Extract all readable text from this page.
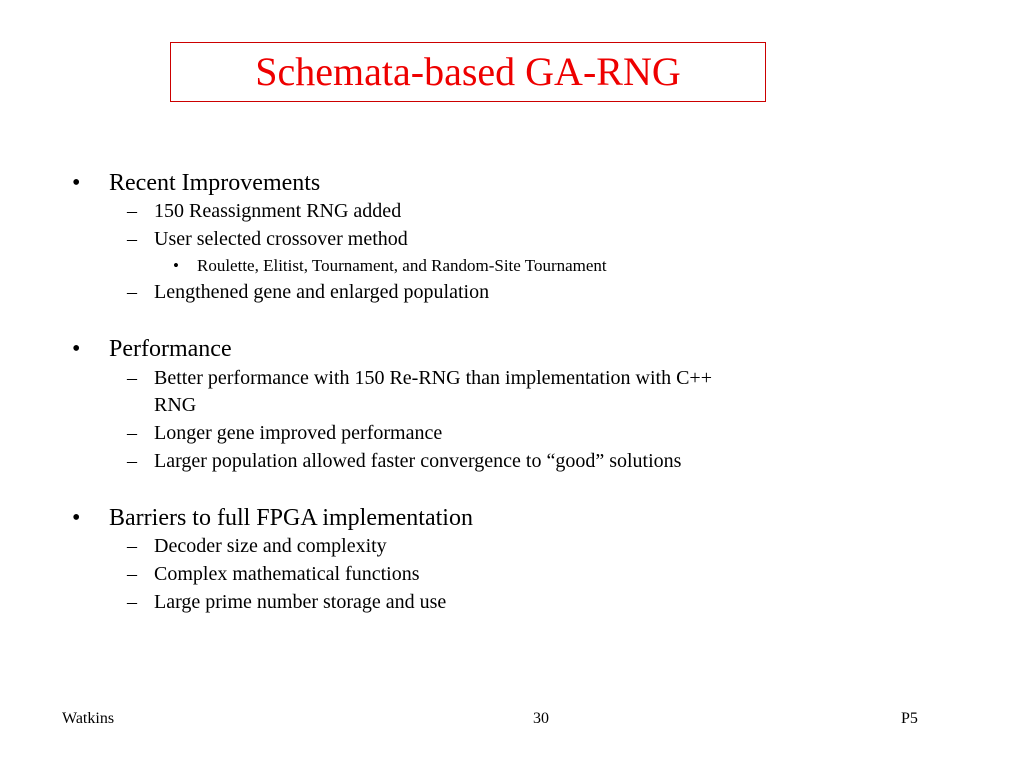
Schemata-based GA-RNG
• Recent Improvements
– 150 Reassignment RNG added
– User selected crossover method
• Roulette, Elitist, Tournament, and Random-Site Tournament
– Lengthened gene and enlarged population
• Performance
– Better performance with 150 Re-RNG than implementation with C++
RNG
– Longer gene improved performance
– Larger population allowed faster convergence to “good” solutions
• Barriers to full FPGA implementation
– Decoder size and complexity
– Complex mathematical functions
– Large prime number storage and use
Watkins	30	P5
